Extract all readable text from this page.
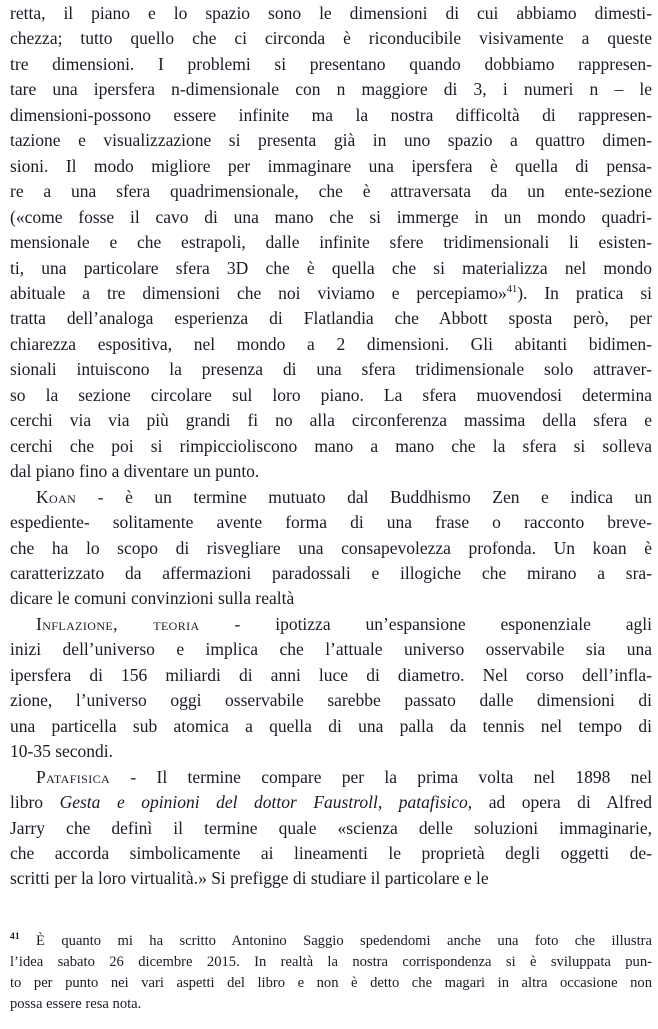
retta, il piano e lo spazio sono le dimensioni di cui abbiamo dimesti-
chezza; tutto quello che ci circonda è riconducibile visivamente a queste
tre dimensioni. I problemi si presentano quando dobbiamo rappresen-
tare una ipersfera n-dimensionale con n maggiore di 3, i numeri n – le
dimensioni-possono essere infinite ma la nostra difficoltà di rappresen-
tazione e visualizzazione si presenta già in uno spazio a quattro dimen-
sioni. Il modo migliore per immaginare una ipersfera è quella di pensa-
re a una sfera quadrimensionale, che è attraversata da un ente-sezione
(«come fosse il cavo di una mano che si immerge in un mondo quadri-
mensionale e che estrapoli, dalle infinite sfere tridimensionali li esisten-
ti, una particolare sfera 3D che è quella che si materializza nel mondo
abituale a tre dimensioni che noi viviamo e percepiamo»$^{41}$). In pratica si
tratta dell’analoga esperienza di Flatlandia che Abbott sposta però, per
chiarezza espositiva, nel mondo a 2 dimensioni. Gli abitanti bidimen-
sionali intuiscono la presenza di una sfera tridimensionale solo attraver-
so la sezione circolare sul loro piano. La sfera muovendosi determina
cerchi via via più grandi fi no alla circonferenza massima della sfera e
cerchi che poi si rimpiccioliscono mano a mano che la sfera si solleva
dal piano fino a diventare un punto.
Koan - è un termine mutuato dal Buddhismo Zen e indica un
espediente- solitamente avente forma di una frase o racconto breve-
che ha lo scopo di risvegliare una consapevolezza profonda. Un koan è
caratterizzato da affermazioni paradossali e illogiche che mirano a sra-
dicare le comuni convinzioni sulla realtà
Inflazione, teoria - ipotizza un’espansione esponenziale agli
inizi dell’universo e implica che l’attuale universo osservabile sia una
ipersfera di 156 miliardi di anni luce di diametro. Nel corso dell’infla-
zione, l’universo oggi osservabile sarebbe passato dalle dimensioni di
una particella sub atomica a quella di una palla da tennis nel tempo di
10-35 secondi.
Patafisica - Il termine compare per la prima volta nel 1898 nel
libro Gesta e opinioni del dottor Faustroll, patafisico, ad opera di Alfred
Jarry che definì il termine quale «scienza delle soluzioni immaginarie,
che accorda simbolicamente ai lineamenti le proprietà degli oggetti de-
scritti per la loro virtualità.» Si prefigge di studiare il particolare e le
$^{41}$ È quanto mi ha scritto Antonino Saggio spedendomi anche una foto che illustra
l’idea sabato 26 dicembre 2015. In realtà la nostra corrispondenza si è sviluppata pun-
to per punto nei vari aspetti del libro e non è detto che magari in altra occasione non
possa essere resa nota.
